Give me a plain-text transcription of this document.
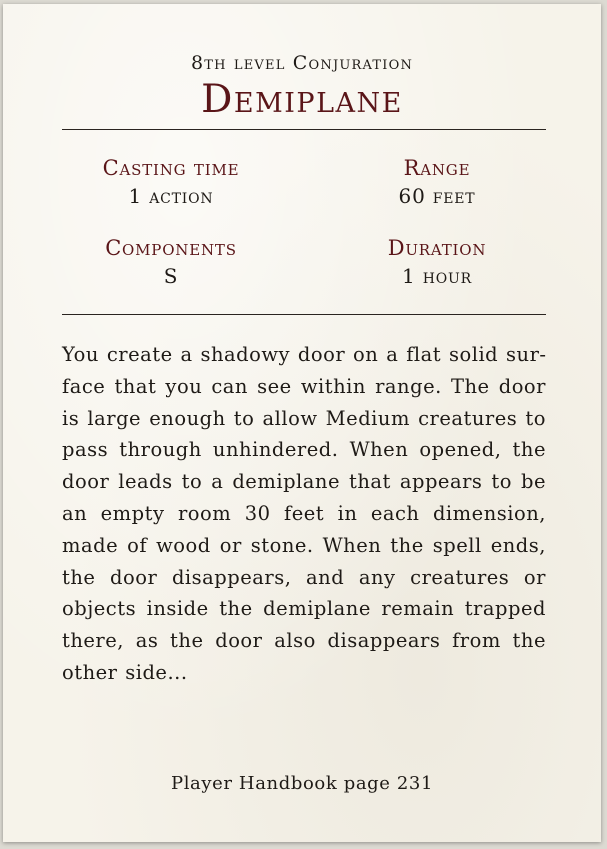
8th level Conjuration
Demiplane
Casting time
1 action
Range
60 feet
Components
S
Duration
1 hour
You create a shadowy door on a flat solid surface that you can see within range. The door is large enough to allow Medium creatures to pass through unhindered. When opened, the door leads to a demiplane that appears to be an empty room 30 feet in each dimension, made of wood or stone. When the spell ends, the door disappears, and any creatures or objects inside the demiplane remain trapped there, as the door also disappears from the other side...
Player Handbook page 231
